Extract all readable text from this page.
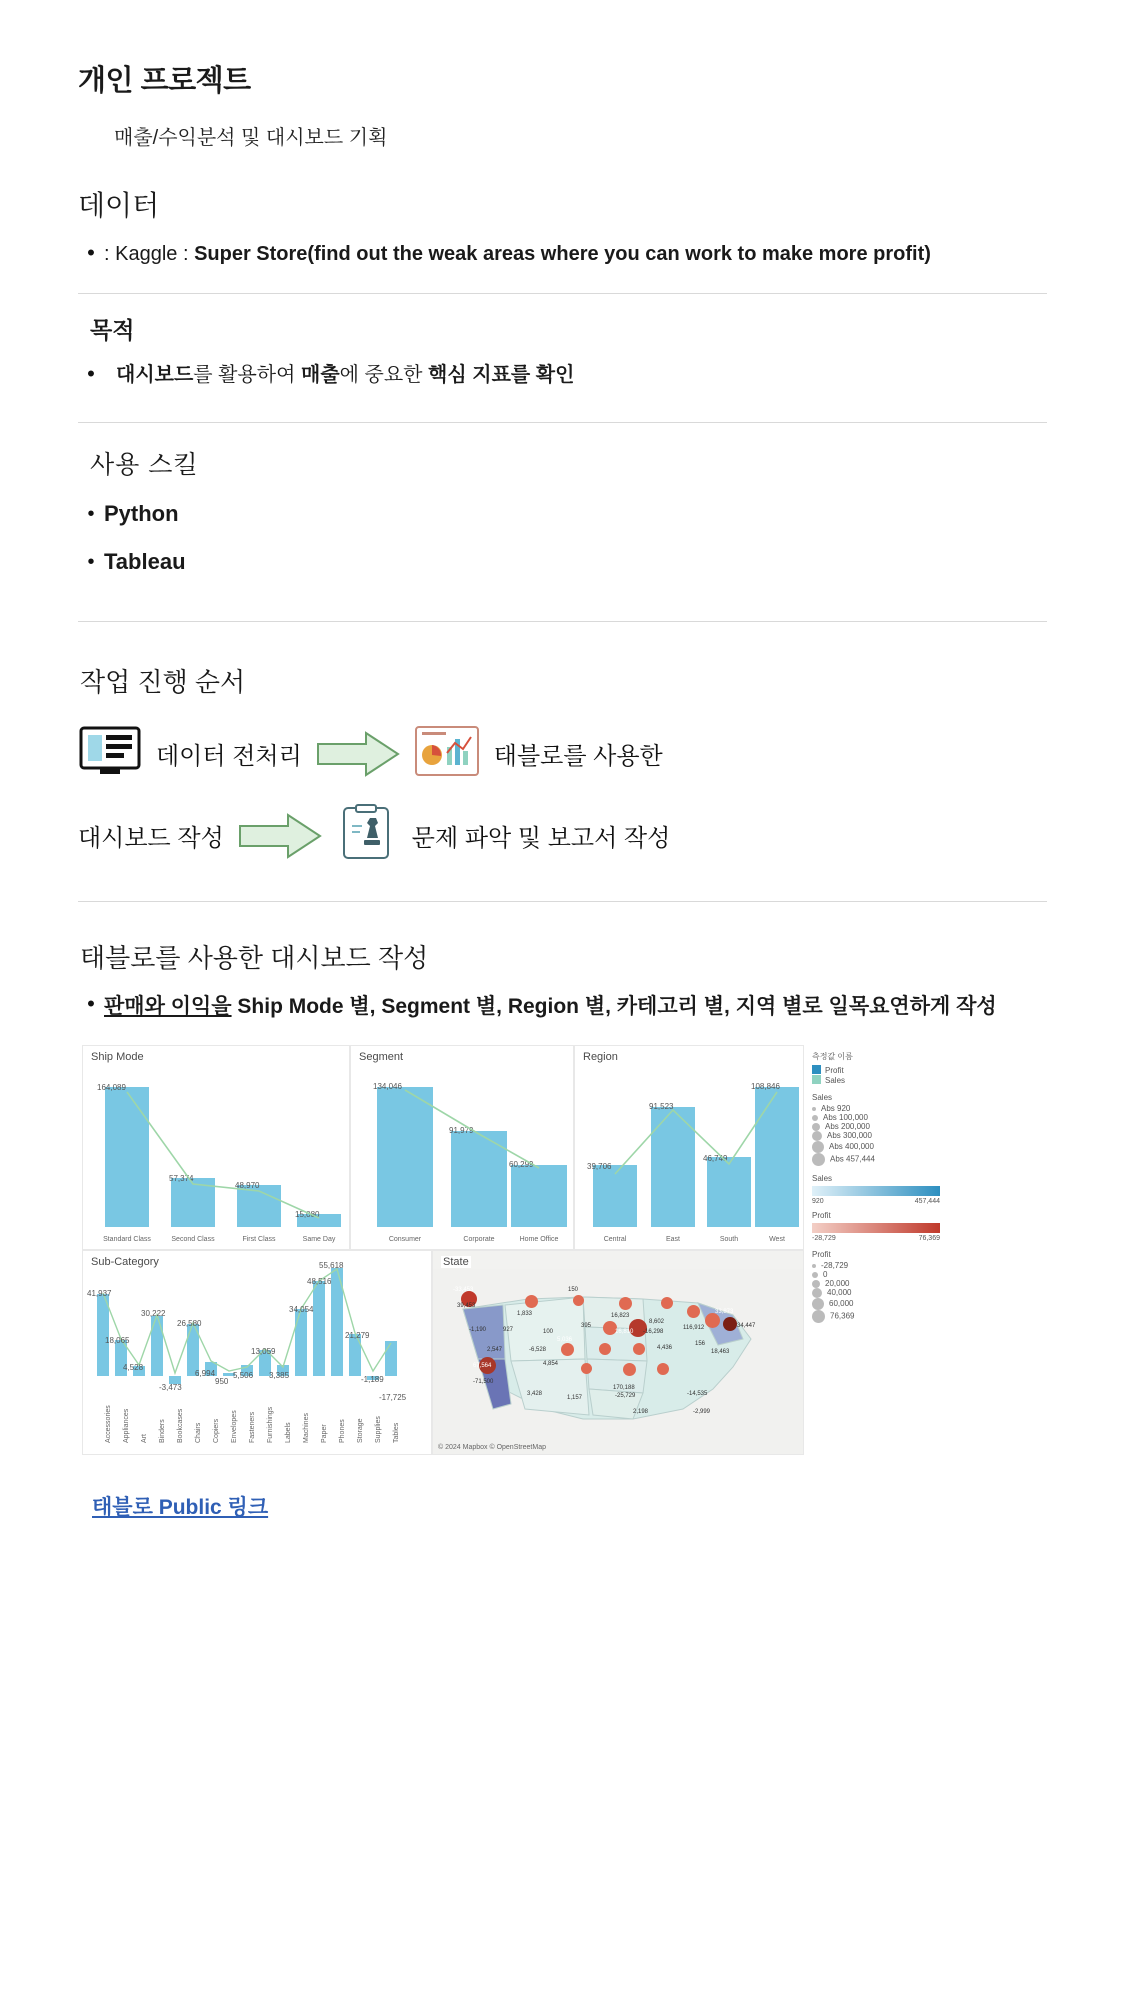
개인 프로젝트
매출/수익분석 및 대시보드 기획
데이터
• : Kaggle : Super Store(find out the weak areas where you can work to make more profit)
목적
•	대시보드를 활용하여 매출에 중요한 핵심 지표를 확인
사용 스킬
• Python
• Tableau
작업 진행 순서
데이터 전처리	태블로를 사용한
대시보드 작성	문제 파악 및 보고서 작성
태블로를 사용한 대시보드 작성
• 판매와 이익을 Ship Mode 별, Segment 별, Region 별, 카테고리 별, 지역 별로 일목요연하게 작성
Ship Mode
164,089
57,374
48,970
15,080
Standard Class	Second Class	First Class	Same Day
Segment
134,046
91,979
60,299
Consumer	Corporate	Home Office
Region
39,706
91,523
46,749
108,846
Central	East	South	West
Sub-Category
41,937
18,065
4,528
30,222
-3,473
26,580
6,994
950
5,506
13,059
3,385
34,054
48,516
55,618
21,279
-1,189
-17,725
Accessories Appliances Art Binders Bookcases Chairs Copiers Envelopes Fasteners Furnishings Labels Machines Paper Phones Storage Supplies Tables
State
-33,453
39,453
1,833
150
16,823
8,602
-1,190	927	100
395
16,810 -16,298
116,912
33,873
34,447
2,547	-6,528
5,036
4,436
156
18,463
67,564
-71,500
4,854
3,428
1,157
170,188
-25,729
2,198
-14,535
-2,999
© 2024 Mapbox © OpenStreetMap
측정값 이름
Profit
Sales
Sales
Abs 920
Abs 100,000
Abs 200,000
Abs 300,000
Abs 400,000
Abs 457,444
Sales
920	457,444
Profit
-28,729	76,369
Profit
-28,729
0
20,000
40,000
60,000
76,369
태블로 Public 링크
